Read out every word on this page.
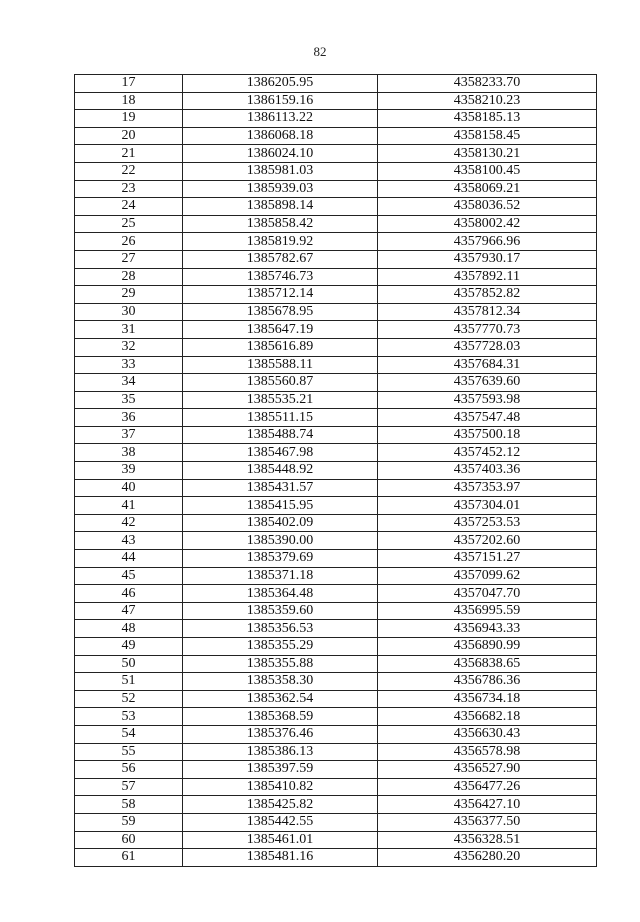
82
17	1386205.95	4358233.70
18	1386159.16	4358210.23
19	1386113.22	4358185.13
20	1386068.18	4358158.45
21	1386024.10	4358130.21
22	1385981.03	4358100.45
23	1385939.03	4358069.21
24	1385898.14	4358036.52
25	1385858.42	4358002.42
26	1385819.92	4357966.96
27	1385782.67	4357930.17
28	1385746.73	4357892.11
29	1385712.14	4357852.82
30	1385678.95	4357812.34
31	1385647.19	4357770.73
32	1385616.89	4357728.03
33	1385588.11	4357684.31
34	1385560.87	4357639.60
35	1385535.21	4357593.98
36	1385511.15	4357547.48
37	1385488.74	4357500.18
38	1385467.98	4357452.12
39	1385448.92	4357403.36
40	1385431.57	4357353.97
41	1385415.95	4357304.01
42	1385402.09	4357253.53
43	1385390.00	4357202.60
44	1385379.69	4357151.27
45	1385371.18	4357099.62
46	1385364.48	4357047.70
47	1385359.60	4356995.59
48	1385356.53	4356943.33
49	1385355.29	4356890.99
50	1385355.88	4356838.65
51	1385358.30	4356786.36
52	1385362.54	4356734.18
53	1385368.59	4356682.18
54	1385376.46	4356630.43
55	1385386.13	4356578.98
56	1385397.59	4356527.90
57	1385410.82	4356477.26
58	1385425.82	4356427.10
59	1385442.55	4356377.50
60	1385461.01	4356328.51
61	1385481.16	4356280.20
